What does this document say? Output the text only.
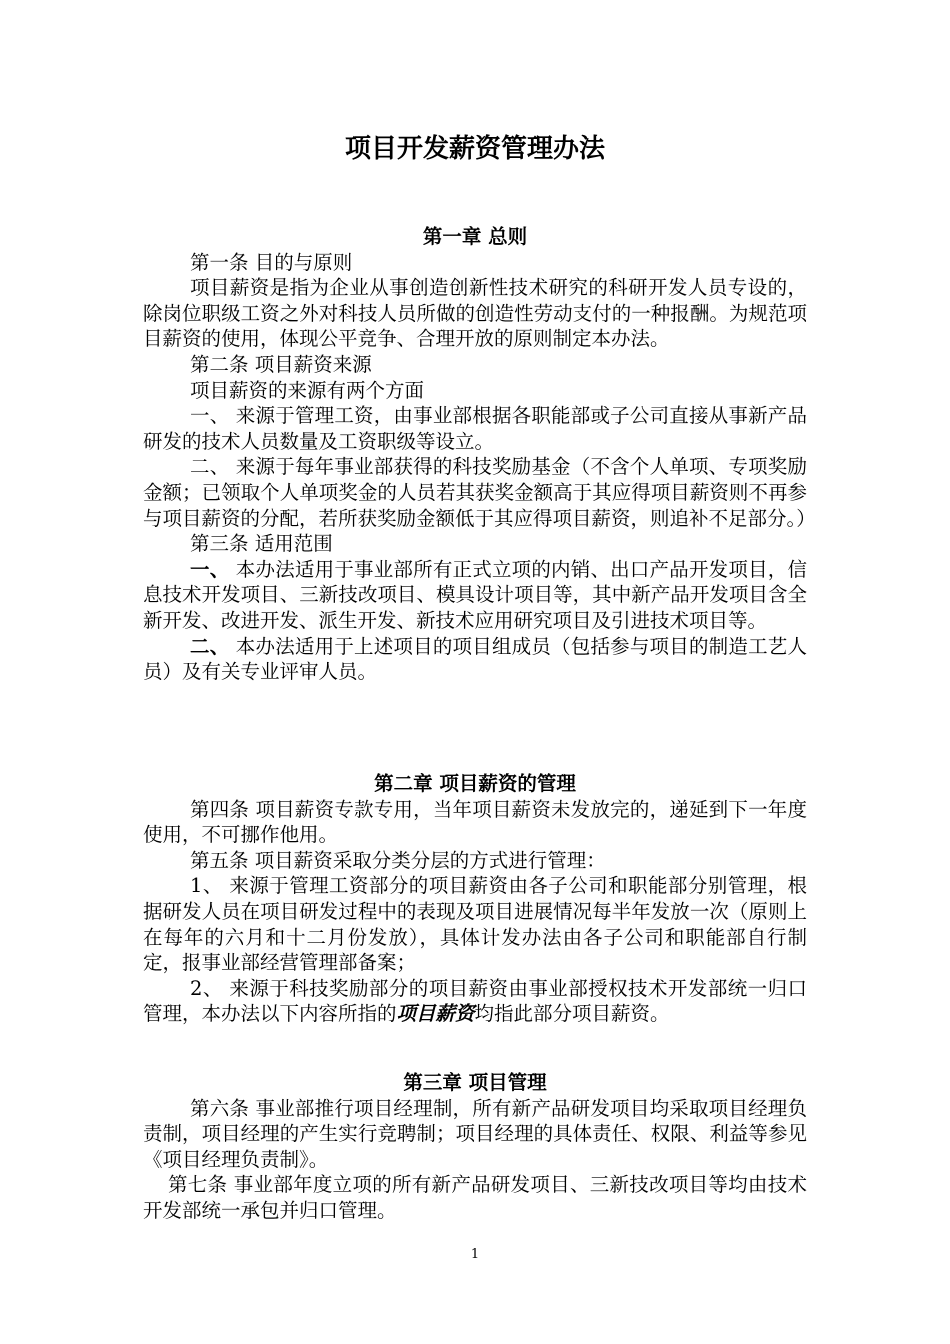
项目开发薪资管理办法
第一章 总则

第一条 目的与原则

项目薪资是指为企业从事创造创新性技术研究的科研开发人员专设的，除岗位职级工资之外对科技人员所做的创造性劳动支付的一种报酬。为规范项目薪资的使用，体现公平竞争、合理开放的原则制定本办法。

第二条 项目薪资来源

项目薪资的来源有两个方面

一、 来源于管理工资，由事业部根据各职能部或子公司直接从事新产品研发的技术人员数量及工资职级等设立。

二、 来源于每年事业部获得的科技奖励基金（不含个人单项、专项奖励金额；已领取个人单项奖金的人员若其获奖金额高于其应得项目薪资则不再参与项目薪资的分配，若所获奖励金额低于其应得项目薪资，则追补不足部分。）

第三条 适用范围

一、 本办法适用于事业部所有正式立项的内销、出口产品开发项目，信息技术开发项目、三新技改项目、模具设计项目等，其中新产品开发项目含全新开发、改进开发、派生开发、新技术应用研究项目及引进技术项目等。

二、 本办法适用于上述项目的项目组成员（包括参与项目的制造工艺人员）及有关专业评审人员。

第二章 项目薪资的管理

第四条 项目薪资专款专用，当年项目薪资未发放完的，递延到下一年度使用，不可挪作他用。

第五条 项目薪资采取分类分层的方式进行管理：

1、 来源于管理工资部分的项目薪资由各子公司和职能部分别管理，根据研发人员在项目研发过程中的表现及项目进展情况每半年发放一次（原则上在每年的六月和十二月份发放），具体计发办法由各子公司和职能部自行制定，报事业部经营管理部备案；

2、 来源于科技奖励部分的项目薪资由事业部授权技术开发部统一归口管理，本办法以下内容所指的项目薪资均指此部分项目薪资。

第三章 项目管理

第六条 事业部推行项目经理制，所有新产品研发项目均采取项目经理负责制，项目经理的产生实行竞聘制；项目经理的具体责任、权限、利益等参见《项目经理负责制》。

第七条 事业部年度立项的所有新产品研发项目、三新技改项目等均由技术开发部统一承包并归口管理。

1
